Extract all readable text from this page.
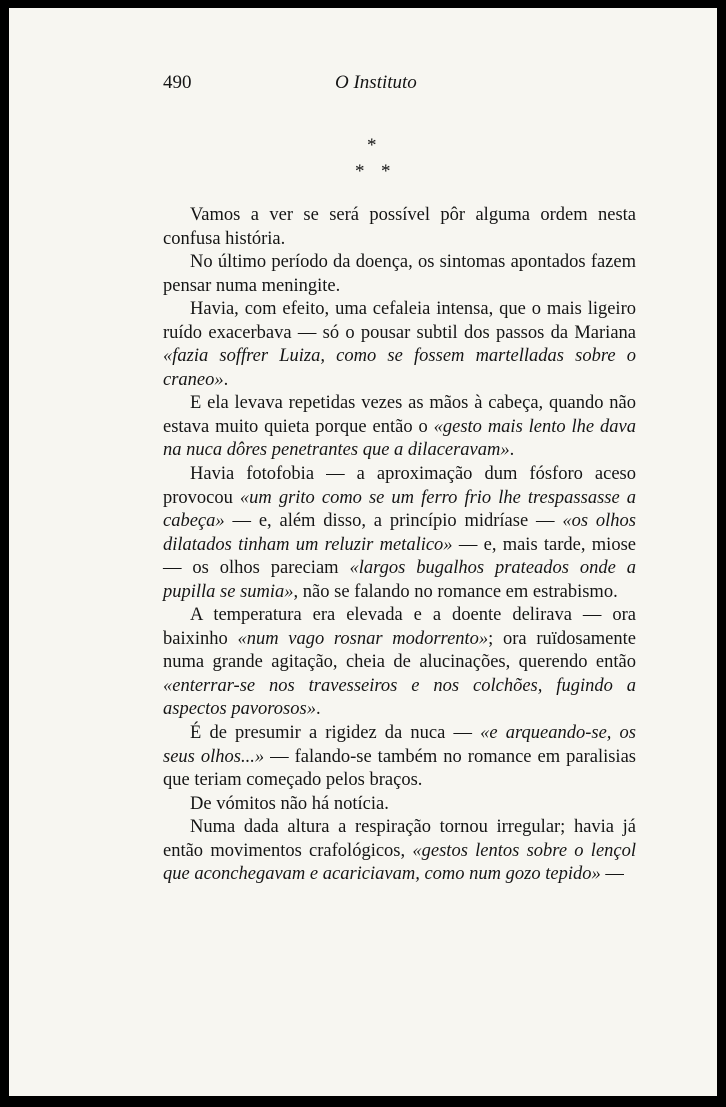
490	O Instituto
*
* *

Vamos a ver se será possível pôr alguma ordem nesta confusa história.

No último período da doença, os sintomas apontados fazem pensar numa meningite.

Havia, com efeito, uma cefaleia intensa, que o mais ligeiro ruído exacerbava — só o pousar subtil dos passos da Mariana «fazia soffrer Luiza, como se fossem martelladas sobre o craneo».

E ela levava repetidas vezes as mãos à cabeça, quando não estava muito quieta porque então o «gesto mais lento lhe dava na nuca dôres penetrantes que a dilaceravam».

Havia fotofobia — a aproximação dum fósforo aceso provocou «um grito como se um ferro frio lhe trespassasse a cabeça» — e, além disso, a princípio midríase — «os olhos dilatados tinham um reluzir metalico» — e, mais tarde, miose — os olhos pareciam «largos bugalhos prateados onde a pupilla se sumia», não se falando no romance em estrabismo.

A temperatura era elevada e a doente delirava — ora baixinho «num vago rosnar modorrento»; ora ruïdosamente numa grande agitação, cheia de alucinações, querendo então «enterrar-se nos travesseiros e nos colchões, fugindo a aspectos pavorosos».

É de presumir a rigidez da nuca — «e arqueando-se, os seus olhos...» — falando-se também no romance em paralisias que teriam começado pelos braços.

De vómitos não há notícia.

Numa dada altura a respiração tornou irregular; havia já então movimentos crafológicos, «gestos lentos sobre o lençol que aconchegavam e acariciavam, como num gozo tepido» —
